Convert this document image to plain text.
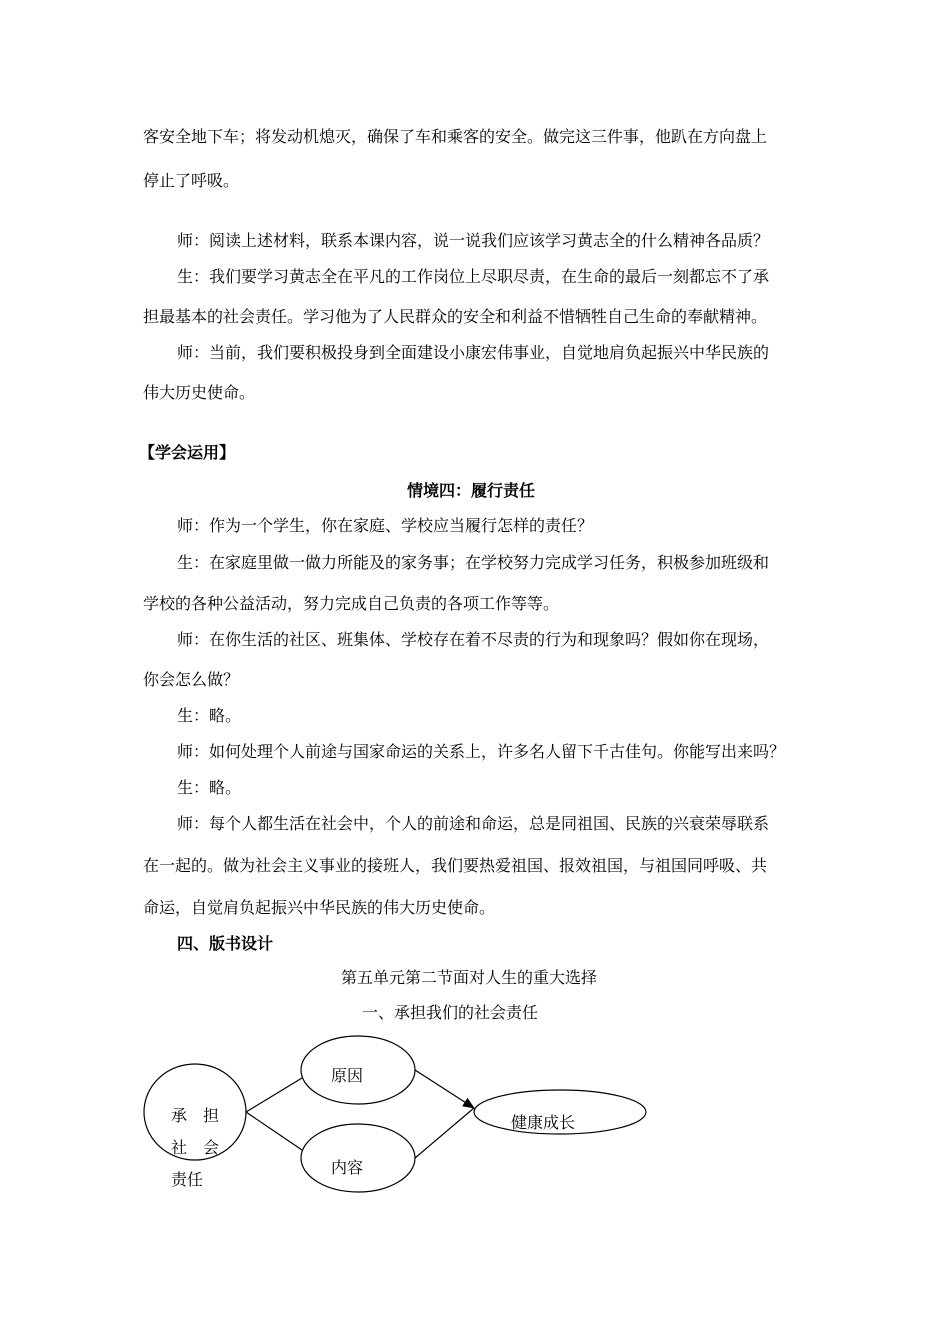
客安全地下车；将发动机熄灭，确保了车和乘客的安全。做完这三件事，他趴在方向盘上
停止了呼吸。
师：阅读上述材料，联系本课内容，说一说我们应该学习黄志全的什么精神各品质？
生：我们要学习黄志全在平凡的工作岗位上尽职尽责，在生命的最后一刻都忘不了承
担最基本的社会责任。学习他为了人民群众的安全和利益不惜牺牲自己生命的奉献精神。
师：当前，我们要积极投身到全面建设小康宏伟事业，自觉地肩负起振兴中华民族的
伟大历史使命。
【学会运用】
情境四：履行责任
师：作为一个学生，你在家庭、学校应当履行怎样的责任？
生：在家庭里做一做力所能及的家务事；在学校努力完成学习任务，积极参加班级和
学校的各种公益活动，努力完成自己负责的各项工作等等。
师：在你生活的社区、班集体、学校存在着不尽责的行为和现象吗？假如你在现场，
你会怎么做？
生：略。
师：如何处理个人前途与国家命运的关系上，许多名人留下千古佳句。你能写出来吗？
生：略。
师：每个人都生活在社会中，个人的前途和命运，总是同祖国、民族的兴衰荣辱联系
在一起的。做为社会主义事业的接班人，我们要热爱祖国、报效祖国，与祖国同呼吸、共
命运，自觉肩负起振兴中华民族的伟大历史使命。
四、版书设计
第五单元第二节面对人生的重大选择
一、承担我们的社会责任
承　担
社　会
责任
原因
内容
健康成长
